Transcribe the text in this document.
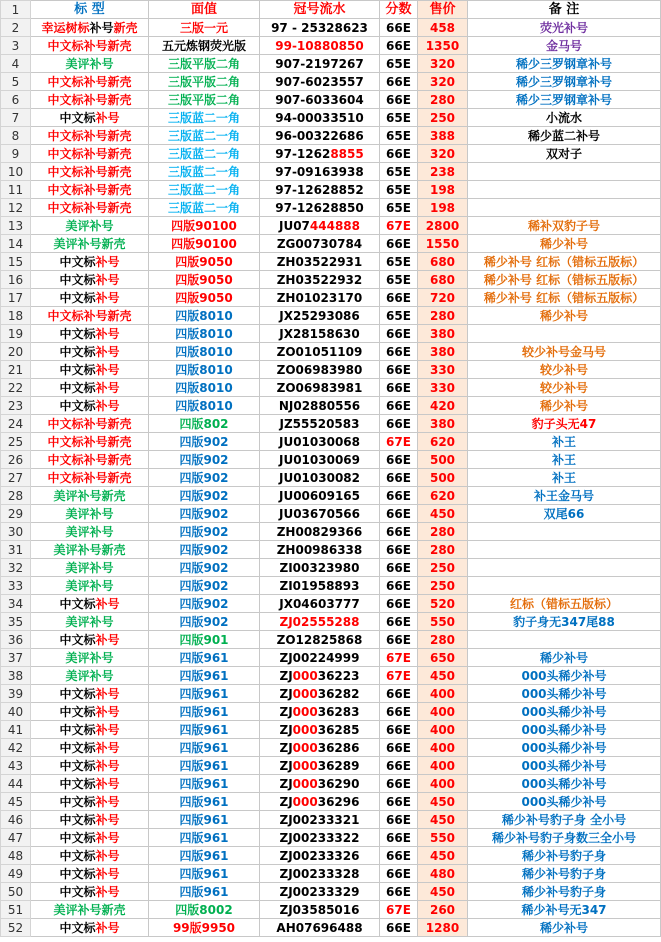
1	标 型	面值	冠号流水	分数	售价	备 注
2	幸运树标补号新壳	三版一元	97 - 25328623	66E	458	荧光补号
3	中文标补号新壳	五元炼钢荧光版	99-10880850	66E	1350	金马号
4	美评补号	三版平版二角	907-2197267	65E	320	稀少三罗钢章补号
5	中文标补号新壳	三版平版二角	907-6023557	66E	320	稀少三罗钢章补号
6	中文标补号新壳	三版平版二角	907-6033604	66E	280	稀少三罗钢章补号
7	中文标补号	三版蓝二一角	94-00033510	65E	250	小流水
8	中文标补号新壳	三版蓝二一角	96-00322686	65E	388	稀少蓝二补号
9	中文标补号新壳	三版蓝二一角	97-12628855	66E	320	双对子
10	中文标补号新壳	三版蓝二一角	97-09163938	65E	238	
11	中文标补号新壳	三版蓝二一角	97-12628852	65E	198	
12	中文标补号新壳	三版蓝二一角	97-12628850	65E	198	
13	美评补号	四版90100	JU07444888	67E	2800	稀补双豹子号
14	美评补号新壳	四版90100	ZG00730784	66E	1550	稀少补号
15	中文标补号	四版9050	ZH03522931	65E	680	稀少补号 红标（错标五版标）
16	中文标补号	四版9050	ZH03522932	65E	680	稀少补号 红标（错标五版标）
17	中文标补号	四版9050	ZH01023170	66E	720	稀少补号 红标（错标五版标）
18	中文标补号新壳	四版8010	JX25293086	65E	280	稀少补号
19	中文标补号	四版8010	JX28158630	66E	380	
20	中文标补号	四版8010	ZO01051109	66E	380	较少补号金马号
21	中文标补号	四版8010	ZO06983980	66E	330	较少补号
22	中文标补号	四版8010	ZO06983981	66E	330	较少补号
23	中文标补号	四版8010	NJ02880556	66E	420	稀少补号
24	中文标补号新壳	四版802	JZ55520583	66E	380	豹子头无47
25	中文标补号新壳	四版902	JU01030068	67E	620	补王
26	中文标补号新壳	四版902	JU01030069	66E	500	补王
27	中文标补号新壳	四版902	JU01030082	66E	500	补王
28	美评补号新壳	四版902	JU00609165	66E	620	补王金马号
29	美评补号	四版902	JU03670566	66E	450	双尾66
30	美评补号	四版902	ZH00829366	66E	280	
31	美评补号新壳	四版902	ZH00986338	66E	280	
32	美评补号	四版902	ZI00323980	66E	250	
33	美评补号	四版902	ZI01958893	66E	250	
34	中文标补号	四版902	JX04603777	66E	520	红标（错标五版标）
35	美评补号	四版902	ZJ02555288	66E	550	豹子身无347尾88
36	中文标补号	四版901	ZO12825868	66E	280	
37	美评补号	四版961	ZJ00224999	67E	650	稀少补号
38	美评补号	四版961	ZJ00036223	67E	450	000头稀少补号
39	中文标补号	四版961	ZJ00036282	66E	400	000头稀少补号
40	中文标补号	四版961	ZJ00036283	66E	400	000头稀少补号
41	中文标补号	四版961	ZJ00036285	66E	400	000头稀少补号
42	中文标补号	四版961	ZJ00036286	66E	400	000头稀少补号
43	中文标补号	四版961	ZJ00036289	66E	400	000头稀少补号
44	中文标补号	四版961	ZJ00036290	66E	400	000头稀少补号
45	中文标补号	四版961	ZJ00036296	66E	450	000头稀少补号
46	中文标补号	四版961	ZJ00233321	66E	450	稀少补号豹子身 全小号
47	中文标补号	四版961	ZJ00233322	66E	550	稀少补号豹子身数三全小号
48	中文标补号	四版961	ZJ00233326	66E	450	稀少补号豹子身
49	中文标补号	四版961	ZJ00233328	66E	480	稀少补号豹子身
50	中文标补号	四版961	ZJ00233329	66E	450	稀少补号豹子身
51	美评补号新壳	四版8002	ZJ03585016	67E	260	稀少补号无347
52	中文标补号	99版9950	AH07696488	66E	1280	稀少补号
